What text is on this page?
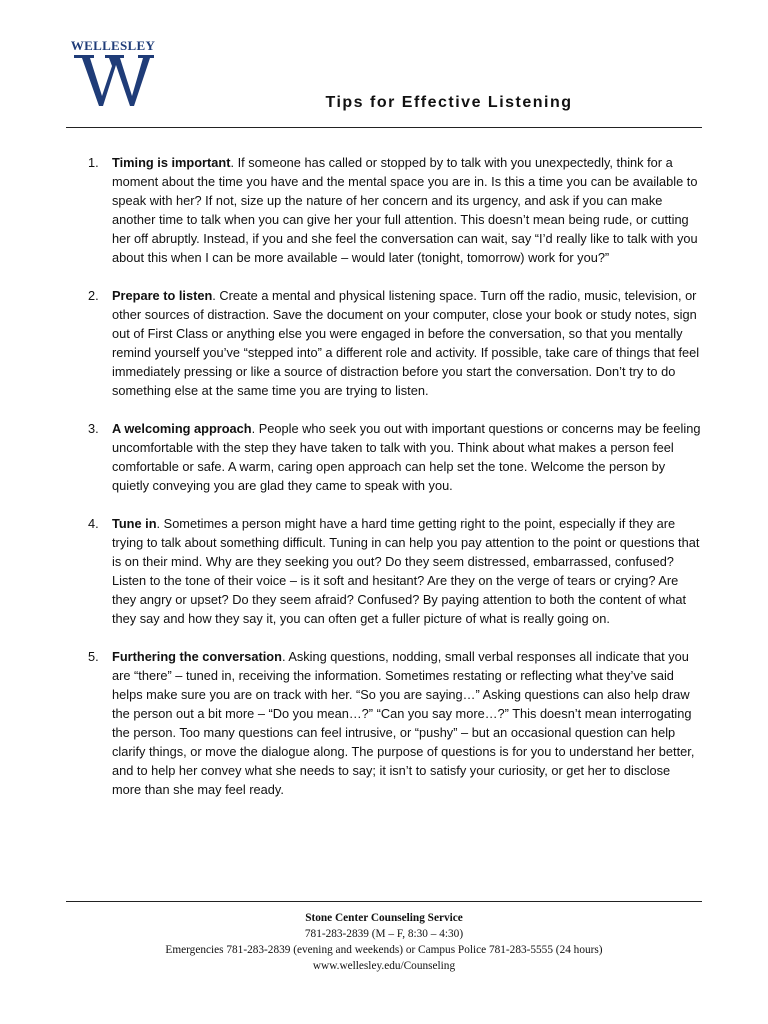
WELLESLEY
Tips for Effective Listening
1. Timing is important. If someone has called or stopped by to talk with you unexpectedly, think for a moment about the time you have and the mental space you are in. Is this a time you can be available to speak with her? If not, size up the nature of her concern and its urgency, and ask if you can make another time to talk when you can give her your full attention. This doesn’t mean being rude, or cutting her off abruptly. Instead, if you and she feel the conversation can wait, say “I’d really like to talk with you about this when I can be more available – would later (tonight, tomorrow) work for you?”
2. Prepare to listen. Create a mental and physical listening space. Turn off the radio, music, television, or other sources of distraction. Save the document on your computer, close your book or study notes, sign out of First Class or anything else you were engaged in before the conversation, so that you mentally remind yourself you’ve “stepped into” a different role and activity. If possible, take care of things that feel immediately pressing or like a source of distraction before you start the conversation. Don’t try to do something else at the same time you are trying to listen.
3. A welcoming approach. People who seek you out with important questions or concerns may be feeling uncomfortable with the step they have taken to talk with you. Think about what makes a person feel comfortable or safe. A warm, caring open approach can help set the tone. Welcome the person by quietly conveying you are glad they came to speak with you.
4. Tune in. Sometimes a person might have a hard time getting right to the point, especially if they are trying to talk about something difficult. Tuning in can help you pay attention to the point or questions that is on their mind. Why are they seeking you out? Do they seem distressed, embarrassed, confused? Listen to the tone of their voice – is it soft and hesitant? Are they on the verge of tears or crying? Are they angry or upset? Do they seem afraid? Confused? By paying attention to both the content of what they say and how they say it, you can often get a fuller picture of what is really going on.
5. Furthering the conversation. Asking questions, nodding, small verbal responses all indicate that you are “there” – tuned in, receiving the information. Sometimes restating or reflecting what they’ve said helps make sure you are on track with her. “So you are saying…” Asking questions can also help draw the person out a bit more – “Do you mean…?” “Can you say more…?” This doesn’t mean interrogating the person. Too many questions can feel intrusive, or “pushy” – but an occasional question can help clarify things, or move the dialogue along. The purpose of questions is for you to understand her better, and to help her convey what she needs to say; it isn’t to satisfy your curiosity, or get her to disclose more than she may feel ready.
Stone Center Counseling Service
781-283-2839 (M – F, 8:30 – 4:30)
Emergencies 781-283-2839 (evening and weekends) or Campus Police 781-283-5555 (24 hours)
www.wellesley.edu/Counseling
